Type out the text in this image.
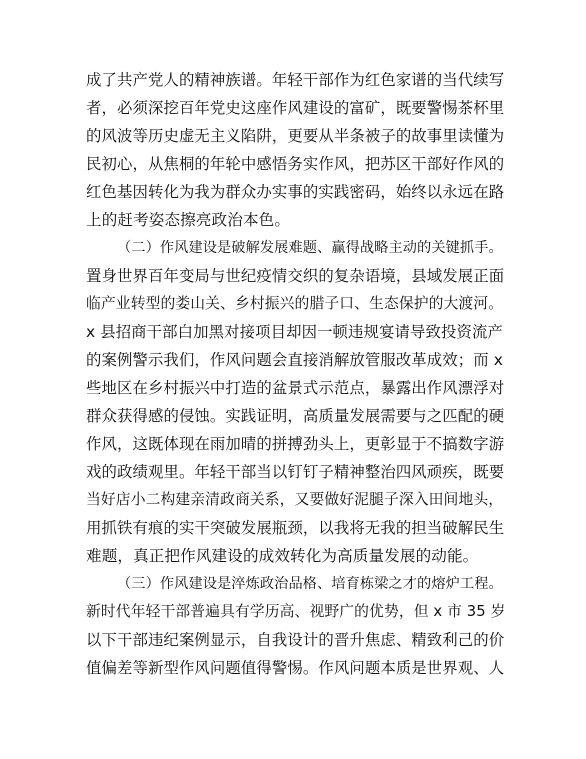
成了共产党人的精神族谱。年轻干部作为红色家谱的当代续写
者，必须深挖百年党史这座作风建设的富矿，既要警惕茶杯里
的风波等历史虚无主义陷阱，更要从半条被子的故事里读懂为
民初心，从焦桐的年轮中感悟务实作风，把苏区干部好作风的
红色基因转化为我为群众办实事的实践密码，始终以永远在路
上的赶考姿态擦亮政治本色。
（二）作风建设是破解发展难题、赢得战略主动的关键抓手。
置身世界百年变局与世纪疫情交织的复杂语境，县域发展正面
临产业转型的娄山关、乡村振兴的腊子口、生态保护的大渡河。
x 县招商干部白加黑对接项目却因一顿违规宴请导致投资流产
的案例警示我们，作风问题会直接消解放管服改革成效；而 x
些地区在乡村振兴中打造的盆景式示范点，暴露出作风漂浮对
群众获得感的侵蚀。实践证明，高质量发展需要与之匹配的硬
作风，这既体现在雨加晴的拼搏劲头上，更彰显于不搞数字游
戏的政绩观里。年轻干部当以钉钉子精神整治四风顽疾，既要
当好店小二构建亲清政商关系，又要做好泥腿子深入田间地头，
用抓铁有痕的实干突破发展瓶颈，以我将无我的担当破解民生
难题，真正把作风建设的成效转化为高质量发展的动能。
（三）作风建设是淬炼政治品格、培育栋梁之才的熔炉工程。
新时代年轻干部普遍具有学历高、视野广的优势，但 x 市 35 岁
以下干部违纪案例显示，自我设计的晋升焦虑、精致利己的价
值偏差等新型作风问题值得警惕。作风问题本质是世界观、人
